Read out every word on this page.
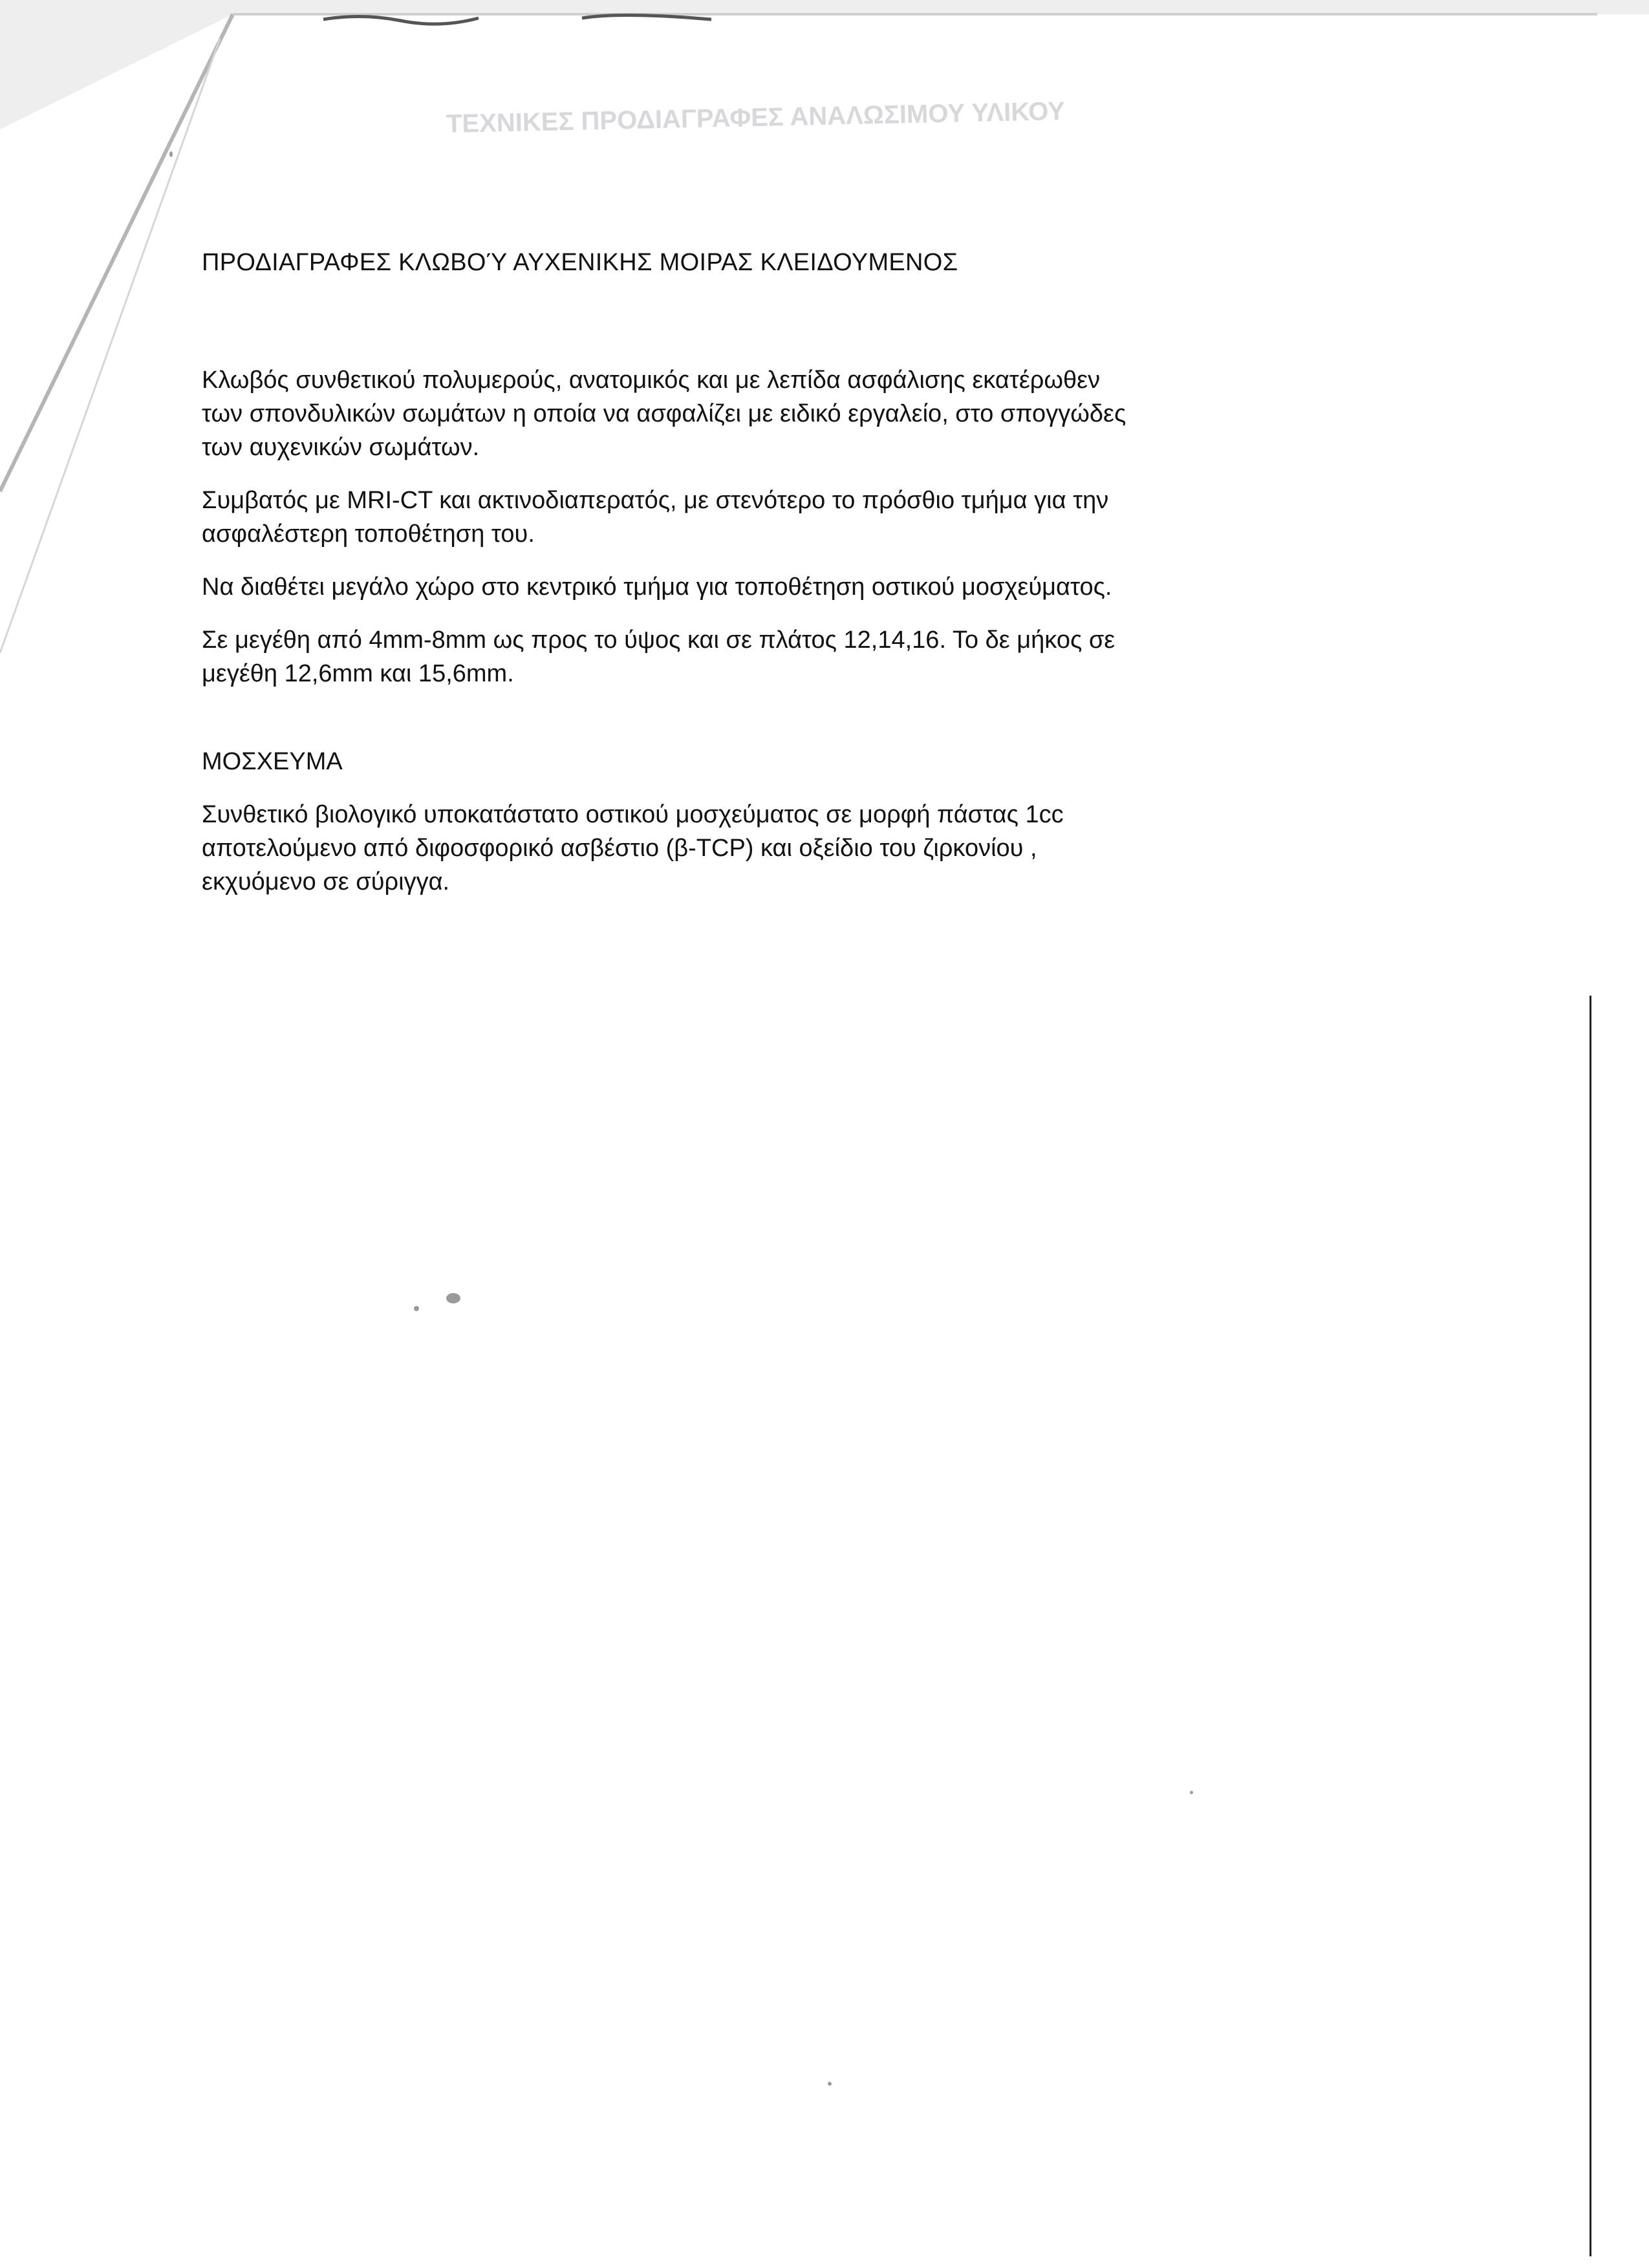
ΤΕΧΝΙΚΕΣ ΠΡΟΔΙΑΓΡΑΦΕΣ ΑΝΑΛΩΣΙΜΟΥ ΥΛΙΚΟΥ

ΠΡΟΔΙΑΓΡΑΦΕΣ ΚΛΩΒΟΎ ΑΥΧΕΝΙΚΗΣ ΜΟΙΡΑΣ ΚΛΕΙΔΟΥΜΕΝΟΣ

Κλωβός συνθετικού πολυμερούς, ανατομικός και με λεπίδα ασφάλισης εκατέρωθεν των σπονδυλικών σωμάτων η οποία να ασφαλίζει με ειδικό εργαλείο, στο σπογγώδες των αυχενικών σωμάτων.

Συμβατός με MRI-CT και ακτινοδιαπερατός, με στενότερο το πρόσθιο τμήμα για την ασφαλέστερη τοποθέτηση του.

Να διαθέτει μεγάλο χώρο στο κεντρικό τμήμα για τοποθέτηση οστικού μοσχεύματος.

Σε μεγέθη από 4mm-8mm ως προς το ύψος και σε πλάτος 12,14,16. Το δε μήκος σε μεγέθη 12,6mm και 15,6mm.

ΜΟΣΧΕΥΜΑ

Συνθετικό βιολογικό υποκατάστατο οστικού μοσχεύματος σε μορφή πάστας 1cc αποτελούμενο από διφοσφορικό ασβέστιο (β-TCP) και οξείδιο του ζιρκονίου , εκχυόμενο σε σύριγγα.
